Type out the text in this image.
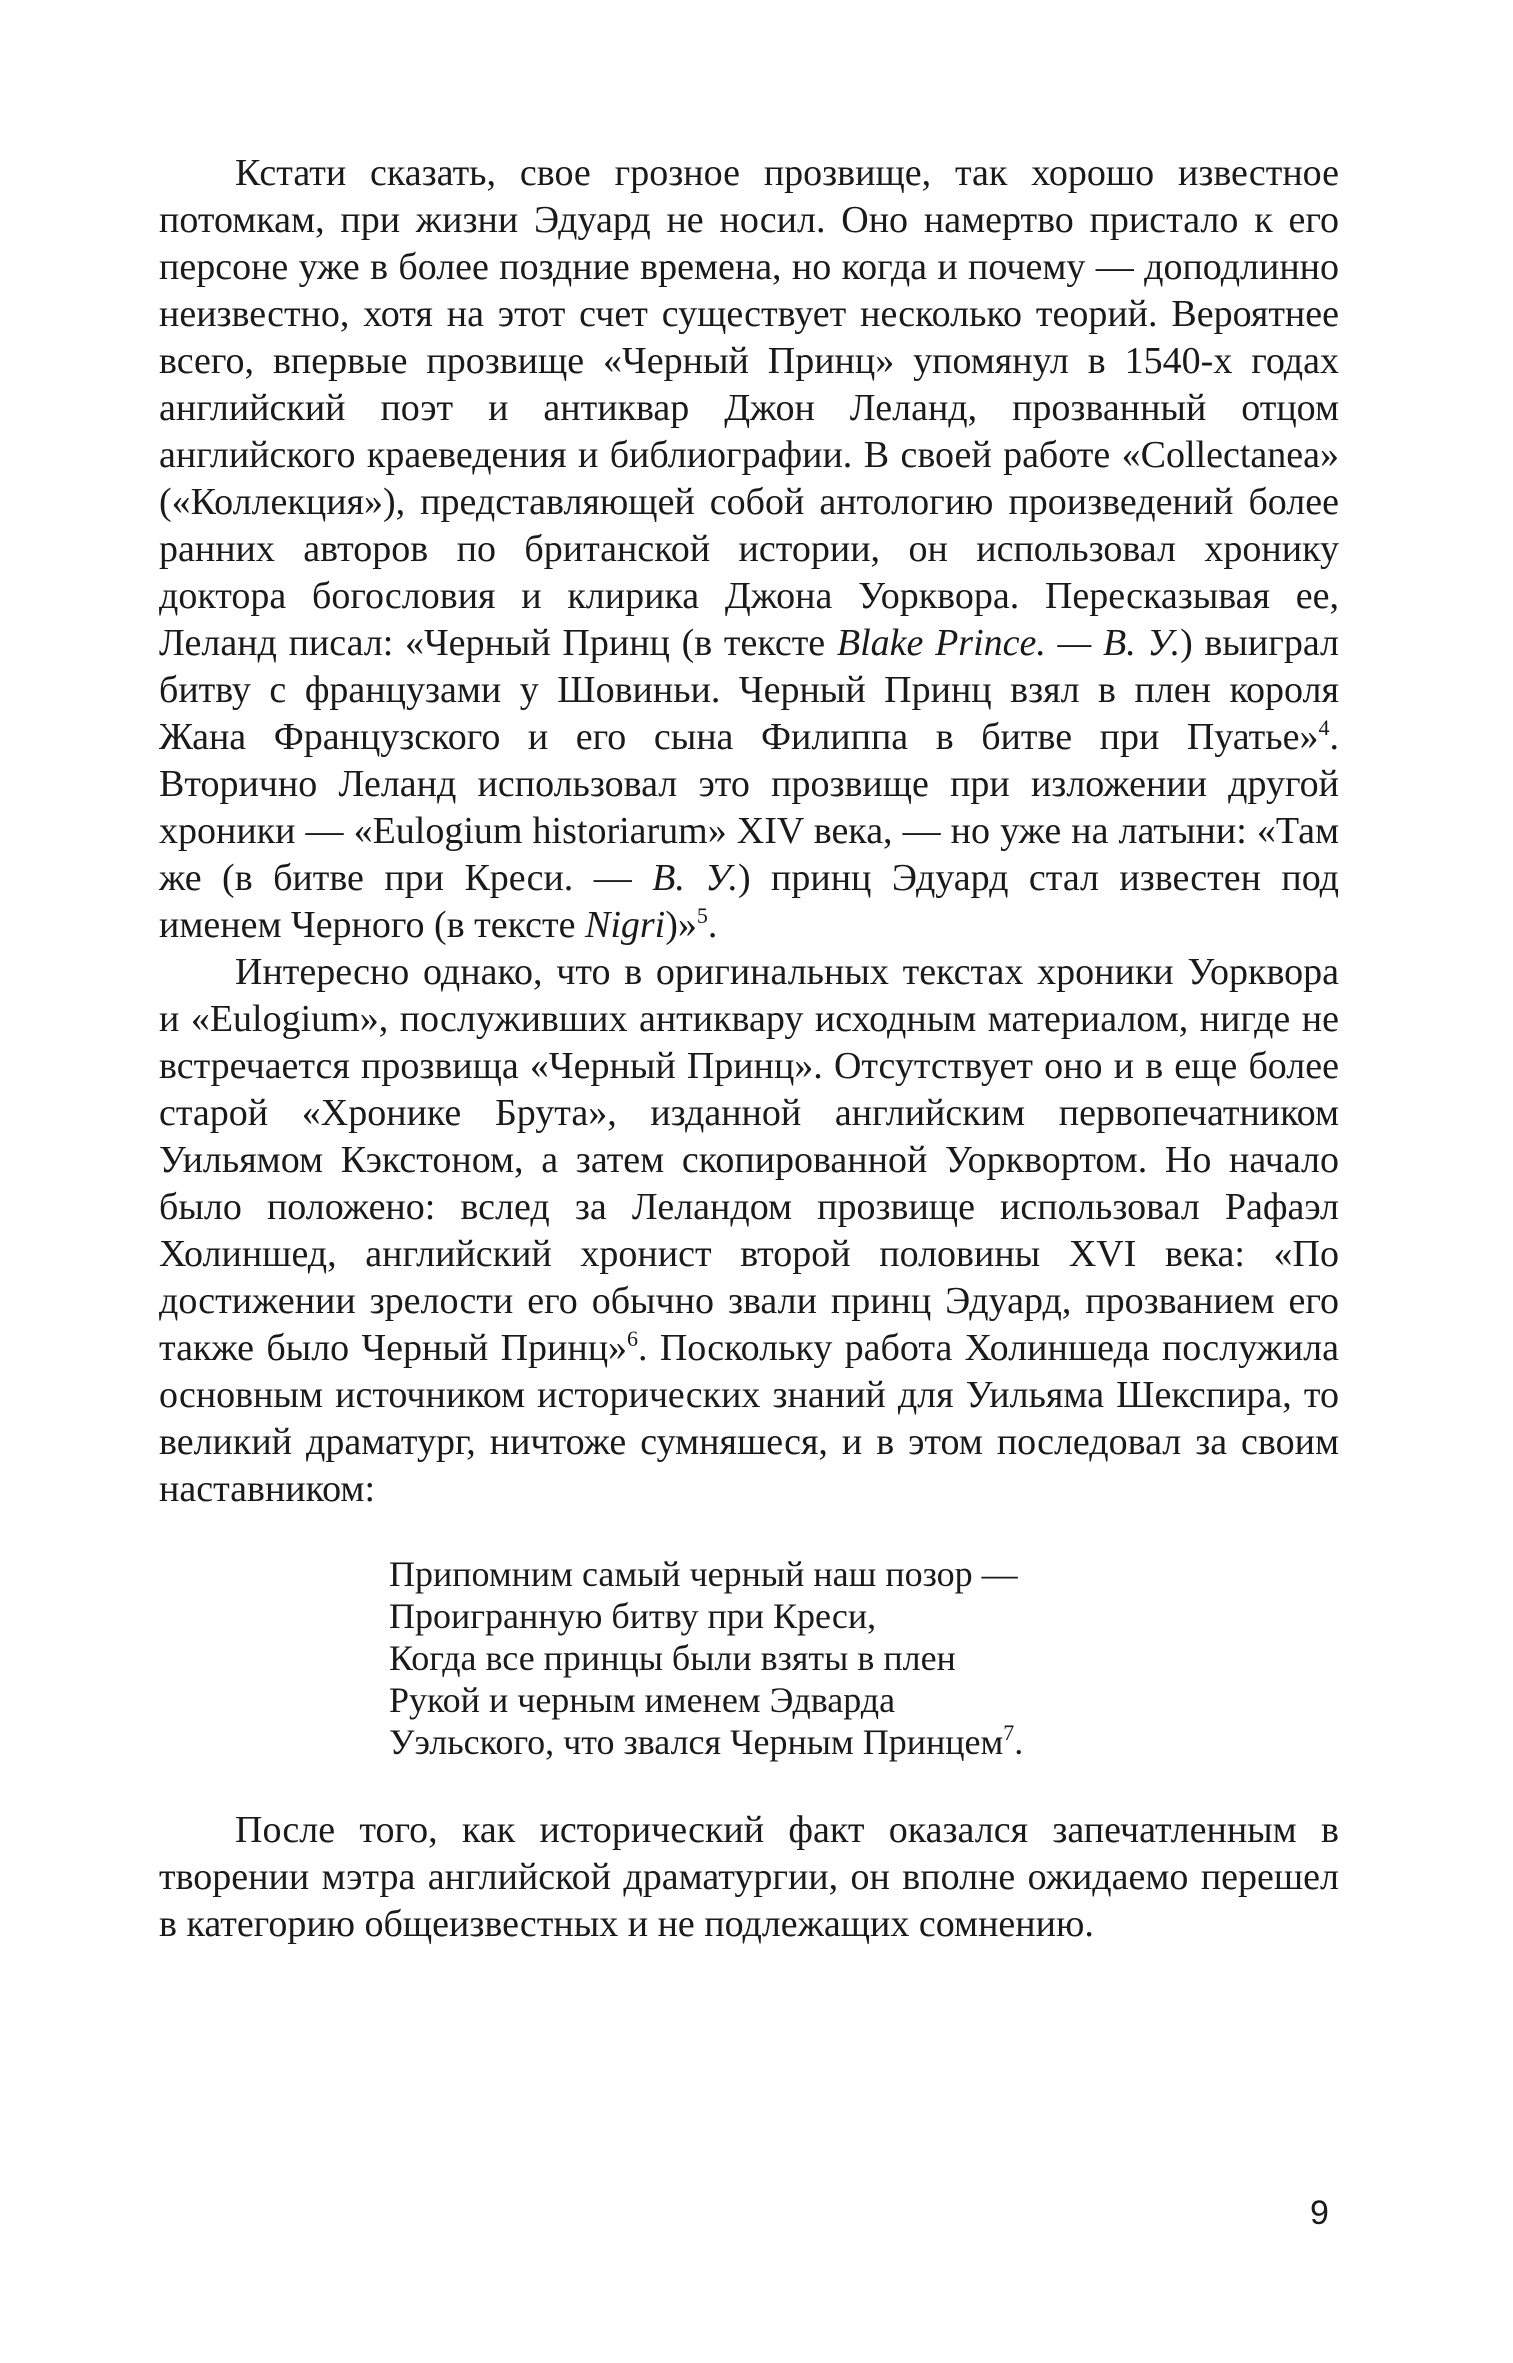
Кстати сказать, свое грозное прозвище, так хорошо известное потомкам, при жизни Эдуард не носил. Оно намертво пристало к его персоне уже в более поздние времена, но когда и почему — доподлинно неизвестно, хотя на этот счет существует несколько теорий. Вероятнее всего, впервые прозвище «Черный Принц» упомянул в 1540-х годах английский поэт и антиквар Джон Леланд, прозванный отцом английского краеведения и библиографии. В своей работе «Collectanea» («Коллекция»), представляющей собой антологию произведений более ранних авторов по британской истории, он использовал хронику доктора богословия и клирика Джона Уорквора. Пересказывая ее, Леланд писал: «Черный Принц (в тексте Blake Prince. — В. У.) выиграл битву с французами у Шовиньи. Черный Принц взял в плен короля Жана Французского и его сына Филиппа в битве при Пуатье»$^4$. Вторично Леланд использовал это прозвище при изложении другой хроники — «Eulogium historiarum» XIV века, — но уже на латыни: «Там же (в битве при Креси. — В. У.) принц Эдуард стал известен под именем Черного (в тексте Nigri)»$^5$.

Интересно однако, что в оригинальных текстах хроники Уорквора и «Eulogium», послуживших антиквару исходным материалом, нигде не встречается прозвища «Черный Принц». Отсутствует оно и в еще более старой «Хронике Брута», изданной английским первопечатником Уильямом Кэкстоном, а затем скопированной Уорквортом. Но начало было положено: вслед за Леландом прозвище использовал Рафаэл Холиншед, английский хронист второй половины XVI века: «По достижении зрелости его обычно звали принц Эдуард, прозванием его также было Черный Принц»$^6$. Поскольку работа Холиншеда послужила основным источником исторических знаний для Уильяма Шекспира, то великий драматург, ничтоже сумняшеся, и в этом последовал за своим наставником:

Припомним самый черный наш позор —
Проигранную битву при Креси,
Когда все принцы были взяты в плен
Рукой и черным именем Эдварда
Уэльского, что звался Черным Принцем$^7$.

После того, как исторический факт оказался запечатленным в творении мэтра английской драматургии, он вполне ожидаемо перешел в категорию общеизвестных и не подлежащих сомнению.

9
